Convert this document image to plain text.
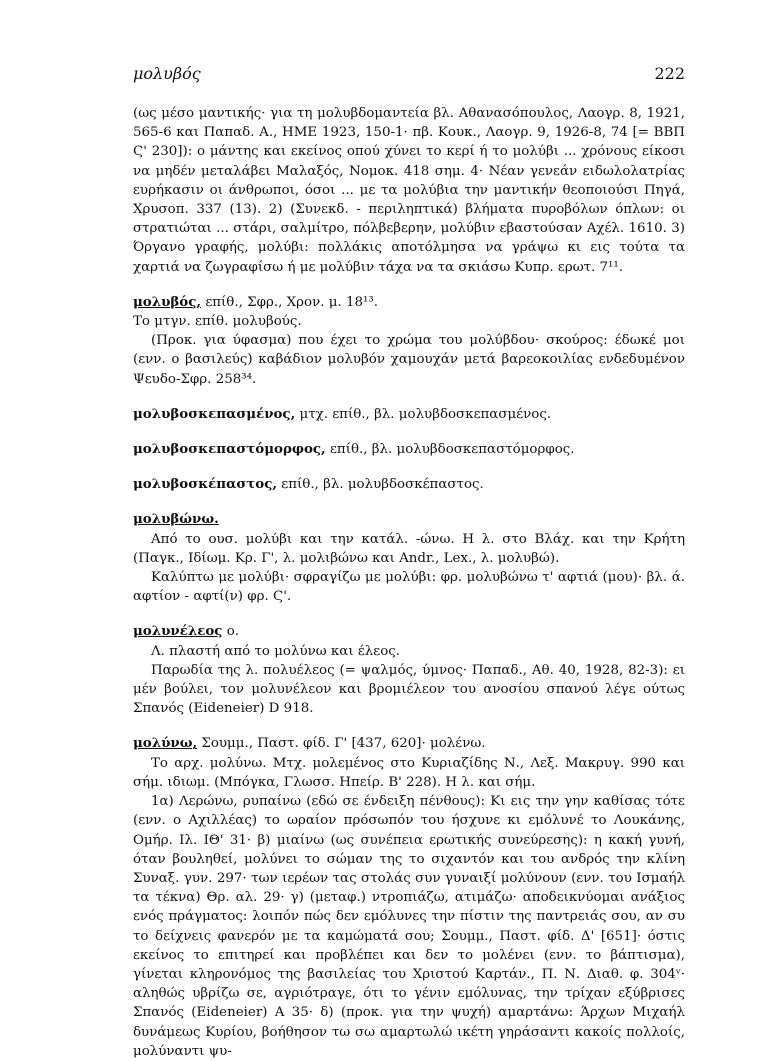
μολυβός	222

(ως μέσο μαντικής· για τη μολυβδομαντεία βλ. Αθανασόπουλος, Λαογρ. 8, 1921, 565-6 και Παπαδ. Α., ΗΜΕ 1923, 150-1· πβ. Κουκ., Λαογρ. 9, 1926-8, 74 [= ΒΒΠ Ϛ' 230]): ο μάντης και εκείνος οπού χύνει το κερί ή το μολύβι ... χρόνους είκοσι να μηδέν μεταλάβει Μαλαξός, Νομοκ. 418 σημ. 4· Νέαν γενεάν ειδωλολατρίας ευρήκασιν οι άνθρωποι, όσοι ... με τα μολύβια την μαντικήν θεοποιούσι Πηγά, Χρυσοπ. 337 (13). 2) (Συνεκδ. - περιληπτικά) βλήματα πυροβόλων όπλων: οι στρατιώται ... στάρι, σαλμίτρο, πόλβεβερην, μολύβιν εβαστούσαν Αχέλ. 1610. 3) Όργανο γραφής, μολύβι: πολλάκις αποτόλμησα να γράψω κι εις τούτα τα χαρτιά να ζωγραφίσω ή με μολύβιν τάχα να τα σκιάσω Κυπρ. ερωτ. 7¹¹.

μολυβός, επίθ., Σφρ., Χρον. μ. 18¹³.

Το μτγν. επίθ. μολυβούς.

(Προκ. για ύφασμα) που έχει το χρώμα του μολύβδου· σκούρος: έδωκέ μοι (ενν. ο βασιλεύς) καβάδιον μολυβόν χαμουχάν μετά βαρεοκοιλίας ενδεδυμένον Ψευδο-Σφρ. 258³⁴.

μολυβοσκεπασμένος, μτχ. επίθ., βλ. μολυβδοσκεπασμένος.

μολυβοσκεπαστόμορφος, επίθ., βλ. μολυβδοσκεπαστόμορφος.

μολυβοσκέπαστος, επίθ., βλ. μολυβδοσκέπαστος.

μολυβώνω.

Από το ουσ. μολύβι και την κατάλ. -ώνω. Η λ. στο Βλάχ. και την Κρήτη (Παγκ., Ιδίωμ. Κρ. Γ', λ. μολιβώνω και Andr., Lex., λ. μολυβώ).

Καλύπτω με μολύβι· σφραγίζω με μολύβι: φρ. μολυβώνω τ' αφτιά (μου)· βλ. ά. αφτίον - αφτί(ν) φρ. Ϛ'.

μολυνέλεος ο.

Λ. πλαστή από το μολύνω και έλεος.

Παρωδία της λ. πολυέλεος (= ψαλμός, ύμνος· Παπαδ., Αθ. 40, 1928, 82-3): ει μέν βούλει, τον μολυνέλεον και βρομιέλεον του ανοσίου σπανού λέγε ούτως Σπανός (Eideneier) D 918.

μολύνω, Σουμμ., Παστ. φίδ. Γ' [437, 620]· μολένω.

Το αρχ. μολύνω. Μτχ. μολεμένος στο Κυριαζίδης Ν., Λεξ. Μακρυγ. 990 και σήμ. ιδιωμ. (Μπόγκα, Γλωσσ. Ηπείρ. Β' 228). Η λ. και σήμ.

1α) Λερώνω, ρυπαίνω (εδώ σε ένδειξη πένθους): Κι εις την γην καθίσας τότε (ενν. ο Αχιλλέας) το ωραίον πρόσωπόν του ήσχυνε κι εμόλυνέ το Λουκάνης, Ομήρ. Ιλ. ΙΘ' 31· β) μιαίνω (ως συνέπεια ερωτικής συνεύρεσης): η κακή γυνή, όταν βουληθεί, μολύνει το σώμαν της το σιχαντόν και του ανδρός την κλίνη Συναξ. γυν. 297· των ιερέων τας στολάς συν γυναιξί μολύνουν (ενν. του Ισμαήλ τα τέκνα) Θρ. αλ. 29· γ) (μεταφ.) ντροπιάζω, ατιμάζω· αποδεικνύομαι ανάξιος ενός πράγματος: λοιπόν πώς δεν εμόλυνες την πίστιν της παντρειάς σου, αν συ το δείχνεις φανερόν με τα καμώματά σου; Σουμμ., Παστ. φίδ. Δ' [651]· όστις εκείνος το επιτηρεί και προβλέπει και δεν το μολένει (ενν. το βάπτισμα), γίνεται κληρονόμος της βασιλείας του Χριστού Καρτάν., Π. Ν. Διαθ. φ. 304ᵛ· αληθώς υβρίζω σε, αγριότραγε, ότι το γένιν εμόλυνας, την τρίχαν εξύβρισες Σπανός (Eideneier) A 35· δ) (προκ. για την ψυχή) αμαρτάνω: Άρχων Μιχαήλ δυνάμεως Κυρίου, βοήθησον τω σω αμαρτωλώ ικέτη γηράσαντι κακοίς πολλοίς, μολύναντι ψυ-
